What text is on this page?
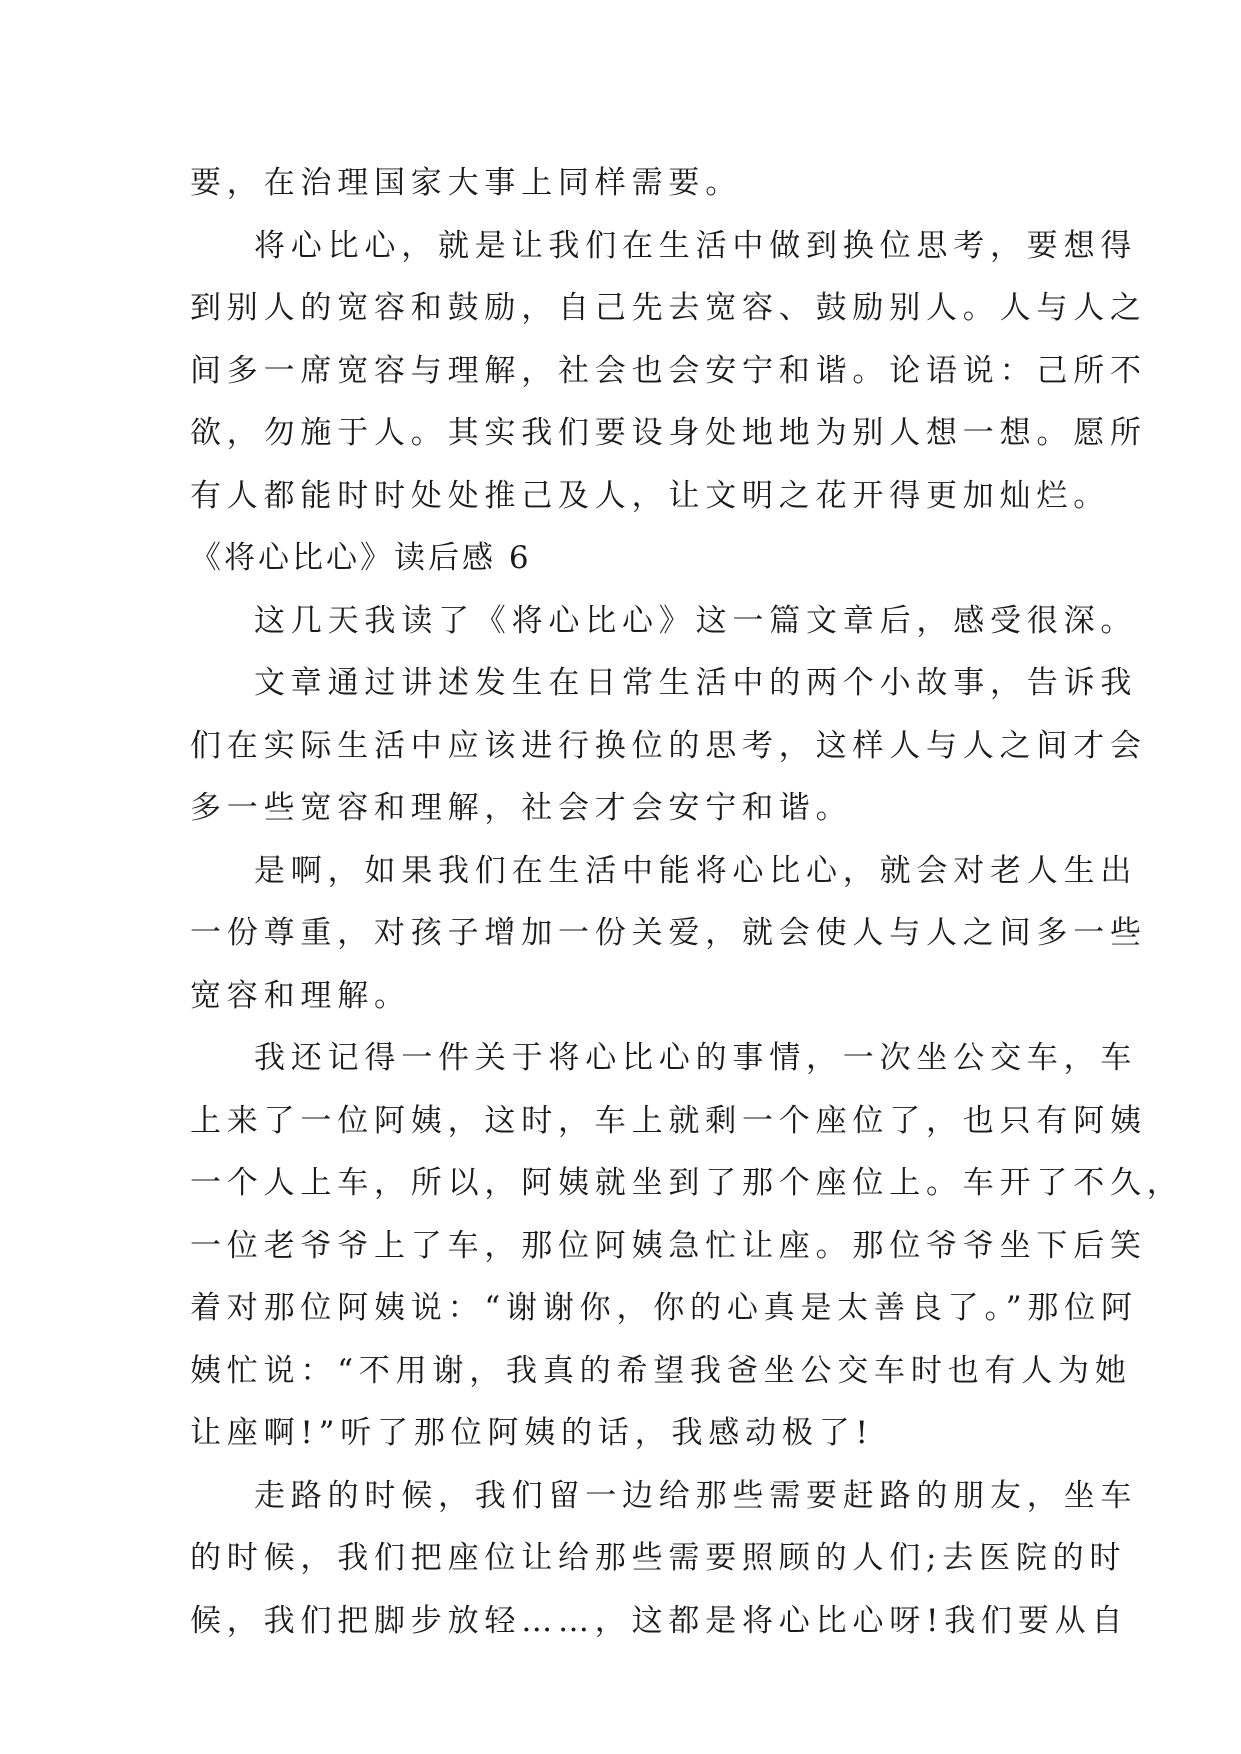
要，在治理国家大事上同样需要。
将心比心，就是让我们在生活中做到换位思考，要想得
到别人的宽容和鼓励，自己先去宽容、鼓励别人。人与人之
间多一席宽容与理解，社会也会安宁和谐。论语说：己所不
欲，勿施于人。其实我们要设身处地地为别人想一想。愿所
有人都能时时处处推己及人，让文明之花开得更加灿烂。
《将心比心》读后感 6
这几天我读了《将心比心》这一篇文章后，感受很深。
文章通过讲述发生在日常生活中的两个小故事，告诉我
们在实际生活中应该进行换位的思考，这样人与人之间才会
多一些宽容和理解，社会才会安宁和谐。
是啊，如果我们在生活中能将心比心，就会对老人生出
一份尊重，对孩子增加一份关爱，就会使人与人之间多一些
宽容和理解。
我还记得一件关于将心比心的事情，一次坐公交车，车
上来了一位阿姨，这时，车上就剩一个座位了，也只有阿姨
一个人上车，所以，阿姨就坐到了那个座位上。车开了不久，
一位老爷爷上了车，那位阿姨急忙让座。那位爷爷坐下后笑
着对那位阿姨说：“谢谢你，你的心真是太善良了。”那位阿
姨忙说：“不用谢，我真的希望我爸坐公交车时也有人为她
让座啊!”听了那位阿姨的话，我感动极了!
走路的时候，我们留一边给那些需要赶路的朋友，坐车
的时候，我们把座位让给那些需要照顾的人们;去医院的时
候，我们把脚步放轻……，这都是将心比心呀!我们要从自
